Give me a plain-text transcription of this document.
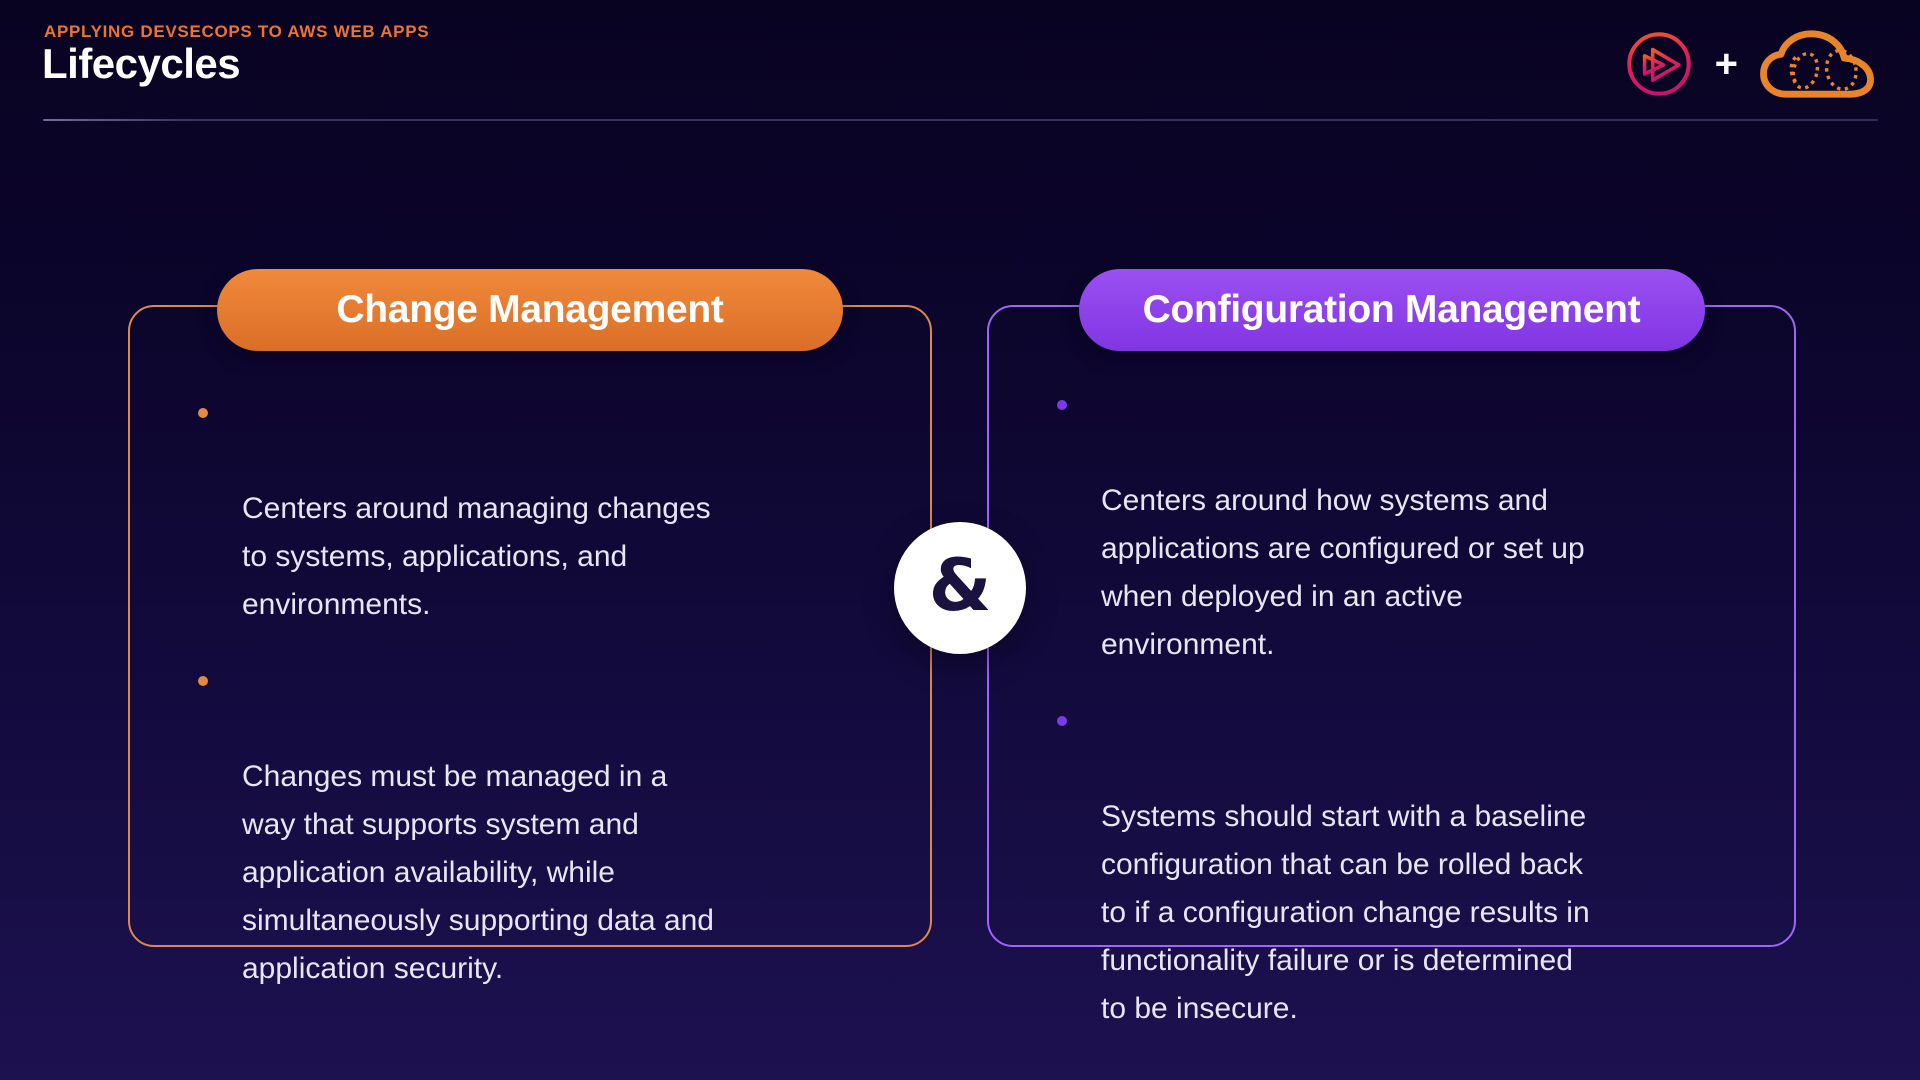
APPLYING DEVSECOPS TO AWS WEB APPS
Lifecycles	+
Change Management

Centers around managing changes
to systems, applications, and
environments.

Changes must be managed in a
way that supports system and
application availability, while
simultaneously supporting data and
application security.

Configuration Management

Centers around how systems and
applications are configured or set up
when deployed in an active
environment.

Systems should start with a baseline
configuration that can be rolled back
to if a configuration change results in
functionality failure or is determined
to be insecure.

&
